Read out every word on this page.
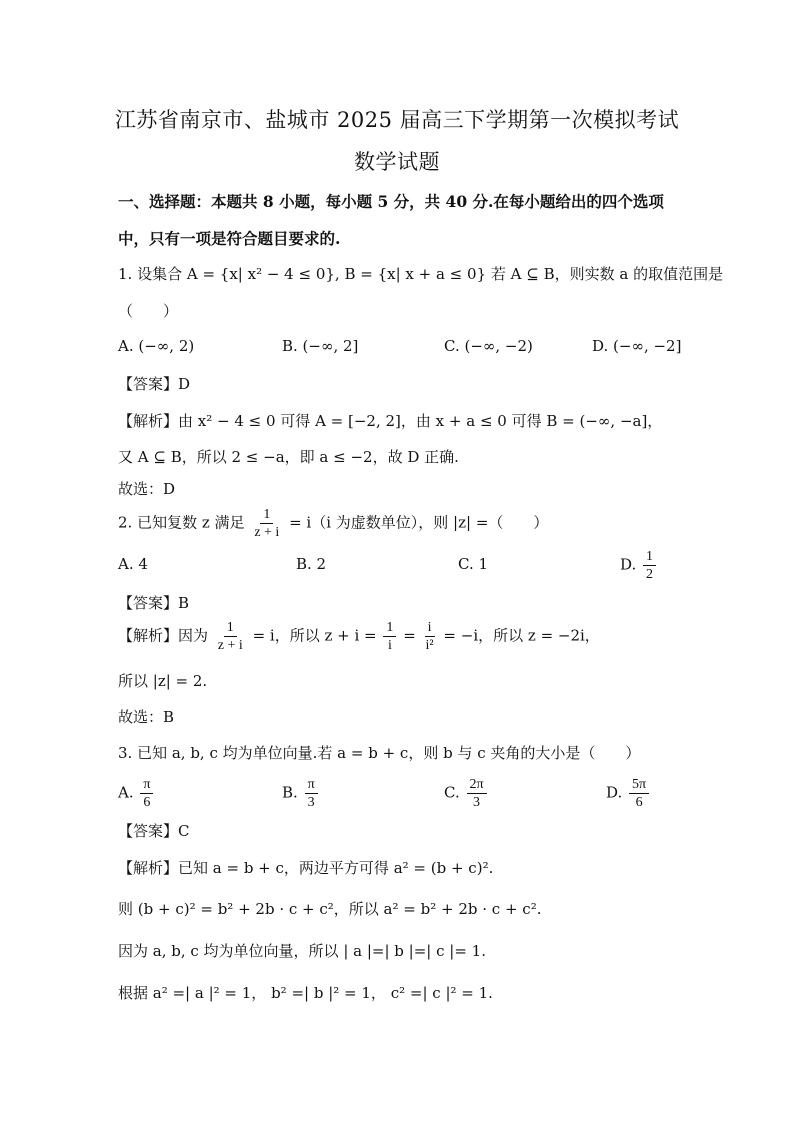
江苏省南京市、盐城市 2025 届高三下学期第一次模拟考试
数学试题
一、选择题：本题共 8 小题，每小题 5 分，共 40 分.在每小题给出的四个选项
中，只有一项是符合题目要求的.
1. 设集合 A = {x| x² − 4 ≤ 0}, B = {x| x + a ≤ 0} 若 A ⊆ B，则实数 a 的取值范围是
（　　）
A. (−∞, 2)	B. (−∞, 2]	C. (−∞, −2)	D. (−∞, −2]
【答案】D
【解析】由 x² − 4 ≤ 0 可得 A = [−2, 2]，由 x + a ≤ 0 可得 B = (−∞, −a]，
又 A ⊆ B，所以 2 ≤ −a，即 a ≤ −2，故 D 正确.
故选：D
2. 已知复数 z 满足 $\frac{1}{z + i} = i(i$ 为虚数单位），则 |z| =（　　）
A. 4	B. 2	C. 1	D. $\frac{1}{2}$
【答案】B
【解析】因为 $\frac{1}{z + i} = i$，所以 $z + i = \frac{1}{i} = \frac{i}{\text{i²}} = -i$，所以 z = −2i，
所以 |z| = 2.
故选：B
3. 已知 a, b, c 均为单位向量.若 a = b + c，则 b 与 c 夹角的大小是（　　）
A. $\frac{\pi}{6}$	B. $\frac{\pi}{3}$	C. $\frac{2\pi}{3}$	D. $\frac{5\pi}{6}$
【答案】C
【解析】已知 a = b + c，两边平方可得 a² = (b + c)².
则 (b + c)² = b² + 2b · c + c²，所以 a² = b² + 2b · c + c².
因为 a, b, c 均为单位向量，所以 | a |=| b |=| c |= 1.
根据 a² =| a |² = 1， b² =| b |² = 1， c² =| c |² = 1.
